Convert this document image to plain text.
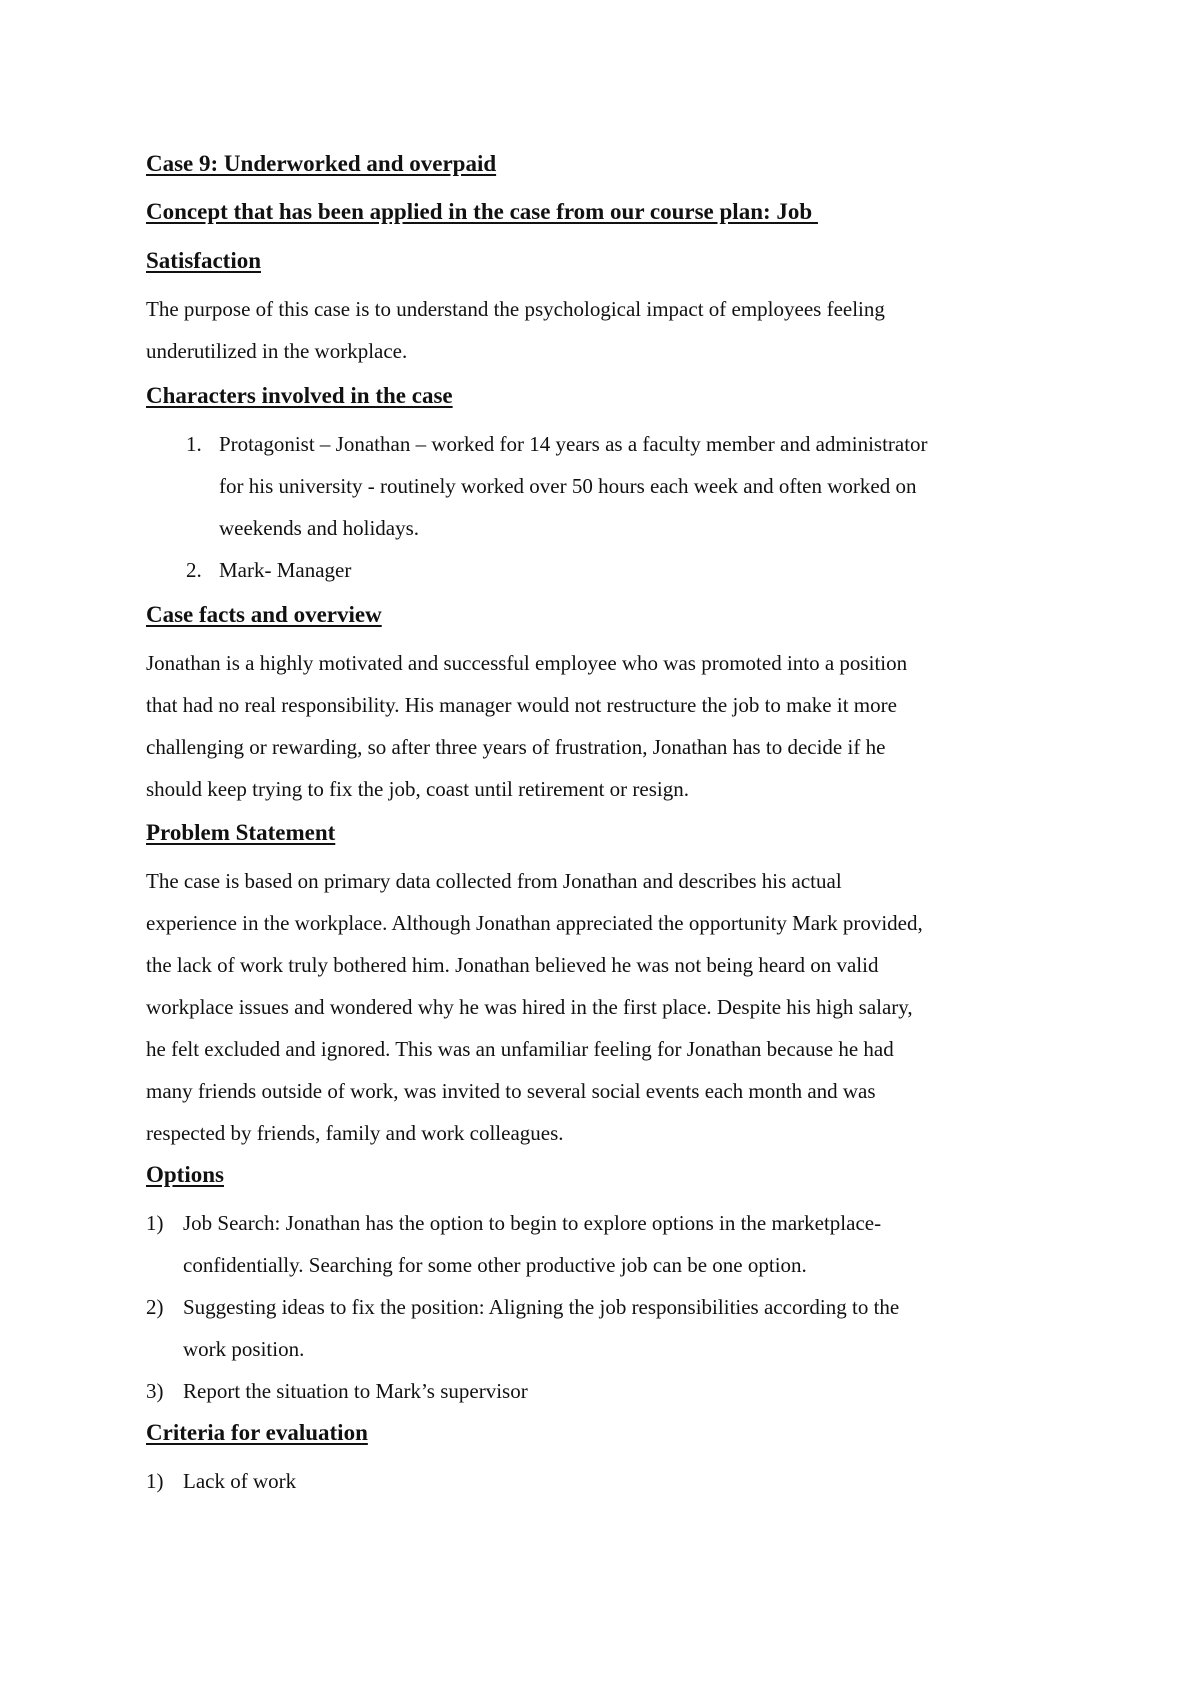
Case 9: Underworked and overpaid
Concept that has been applied in the case from our course plan: Job
Satisfaction
The purpose of this case is to understand the psychological impact of employees feeling
underutilized in the workplace.
Characters involved in the case
1. Protagonist – Jonathan – worked for 14 years as a faculty member and administrator
for his university - routinely worked over 50 hours each week and often worked on
weekends and holidays.
2. Mark- Manager
Case facts and overview
Jonathan is a highly motivated and successful employee who was promoted into a position
that had no real responsibility. His manager would not restructure the job to make it more
challenging or rewarding, so after three years of frustration, Jonathan has to decide if he
should keep trying to fix the job, coast until retirement or resign.
Problem Statement
The case is based on primary data collected from Jonathan and describes his actual
experience in the workplace. Although Jonathan appreciated the opportunity Mark provided,
the lack of work truly bothered him. Jonathan believed he was not being heard on valid
workplace issues and wondered why he was hired in the first place. Despite his high salary,
he felt excluded and ignored. This was an unfamiliar feeling for Jonathan because he had
many friends outside of work, was invited to several social events each month and was
respected by friends, family and work colleagues.
Options
1) Job Search: Jonathan has the option to begin to explore options in the marketplace-
confidentially. Searching for some other productive job can be one option.
2) Suggesting ideas to fix the position: Aligning the job responsibilities according to the
work position.
3) Report the situation to Mark’s supervisor
Criteria for evaluation
1) Lack of work
